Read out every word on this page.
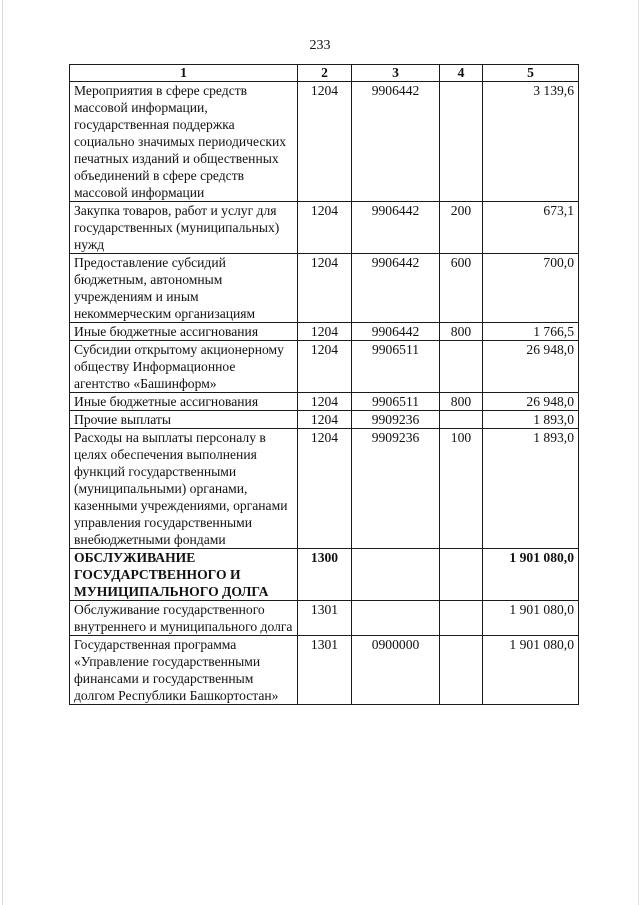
233
1	2	3	4	5
Мероприятия в сфере средств массовой информации, государственная поддержка социально значимых периодических печатных изданий и общественных объединений в сфере средств массовой информации	1204	9906442		3 139,6
Закупка товаров, работ и услуг для государственных (муниципальных) нужд	1204	9906442	200	673,1
Предоставление субсидий бюджетным, автономным учреждениям и иным некоммерческим организациям	1204	9906442	600	700,0
Иные бюджетные ассигнования	1204	9906442	800	1 766,5
Субсидии открытому акционерному обществу Информационное агентство «Башинформ»	1204	9906511		26 948,0
Иные бюджетные ассигнования	1204	9906511	800	26 948,0
Прочие выплаты	1204	9909236		1 893,0
Расходы на выплаты персоналу в целях обеспечения выполнения функций государственными (муниципальными) органами, казенными учреждениями, органами управления государственными внебюджетными фондами	1204	9909236	100	1 893,0
ОБСЛУЖИВАНИЕ ГОСУДАРСТВЕННОГО И МУНИЦИПАЛЬНОГО ДОЛГА	1300			1 901 080,0
Обслуживание государственного внутреннего и муниципального долга	1301			1 901 080,0
Государственная программа «Управление государственными финансами и государственным долгом Республики Башкортостан»	1301	0900000		1 901 080,0
